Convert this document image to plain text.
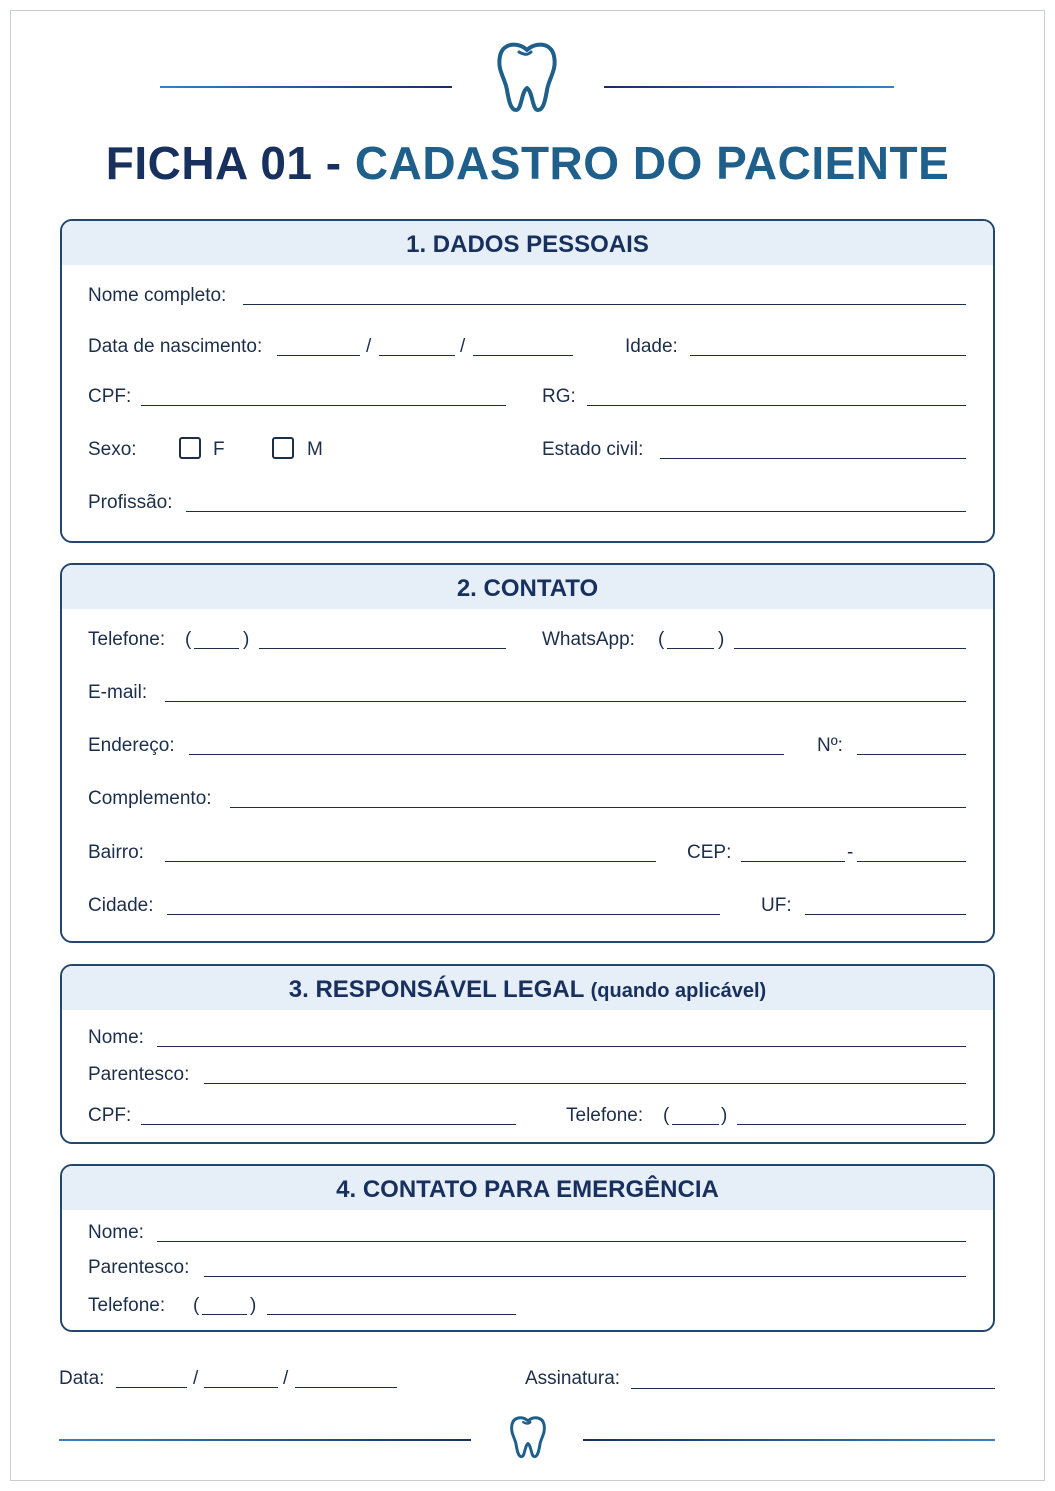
FICHA 01 - CADASTRO DO PACIENTE
1. DADOS PESSOAIS
Nome completo:
Data de nascimento:	/	/	Idade:
CPF:	RG:
Sexo:	F	M	Estado civil:
Profissão:
2. CONTATO
Telefone: (	)	WhatsApp: (	)
E-mail:
Endereço:	Nº:
Complemento:
Bairro:	CEP:	-
Cidade:	UF:
3. RESPONSÁVEL LEGAL (quando aplicável)
Nome:
Parentesco:
CPF:	Telefone: (	)
4. CONTATO PARA EMERGÊNCIA
Nome:
Parentesco:
Telefone: (	)
Data:	/	/	Assinatura:
